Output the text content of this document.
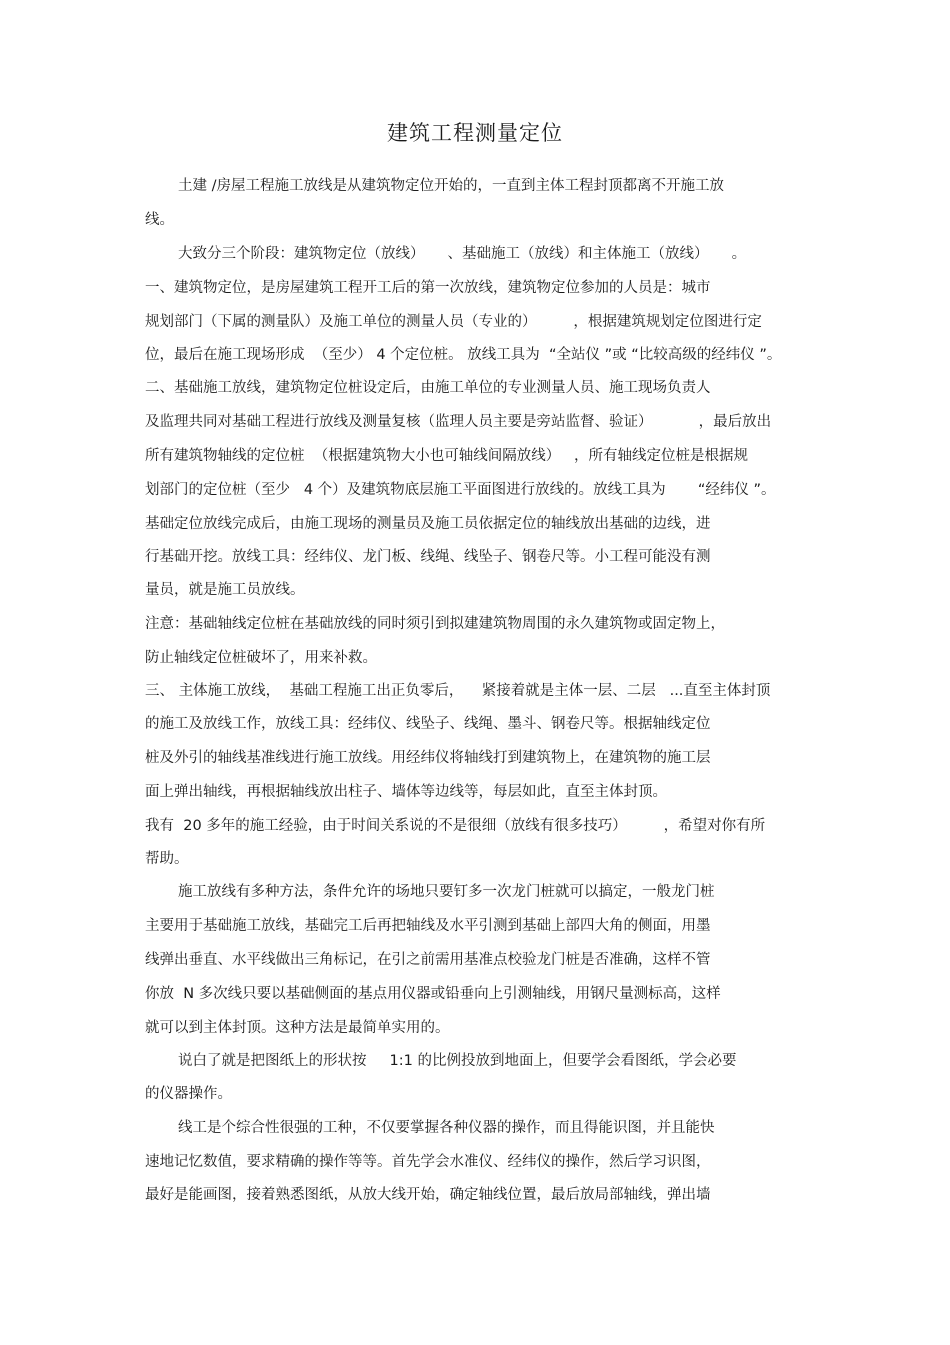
建筑工程测量定位
土建 /房屋工程施工放线是从建筑物定位开始的，一直到主体工程封顶都离不开施工放
线。
大致分三个阶段：建筑物定位（放线）     、基础施工（放线）和主体施工（放线）     。
一、建筑物定位，是房屋建筑工程开工后的第一次放线，建筑物定位参加的人员是：城市
规划部门（下属的测量队）及施工单位的测量人员（专业的）        ，根据建筑规划定位图进行定
位，最后在施工现场形成  （至少） 4 个定位桩。 放线工具为  “全站仪 ”或 “比较高级的经纬仪 ”。
二、基础施工放线，建筑物定位桩设定后，由施工单位的专业测量人员、施工现场负责人
及监理共同对基础工程进行放线及测量复核（监理人员主要是旁站监督、验证）          ，最后放出
所有建筑物轴线的定位桩  （根据建筑物大小也可轴线间隔放线）   ，所有轴线定位桩是根据规
划部门的定位桩（至少   4 个）及建筑物底层施工平面图进行放线的。放线工具为       “经纬仪 ”。
基础定位放线完成后，由施工现场的测量员及施工员依据定位的轴线放出基础的边线，进
行基础开挖。放线工具：经纬仪、龙门板、线绳、线坠子、钢卷尺等。小工程可能没有测
量员，就是施工员放线。
注意：基础轴线定位桩在基础放线的同时须引到拟建建筑物周围的永久建筑物或固定物上，
防止轴线定位桩破坏了，用来补救。
三、 主体施工放线，  基础工程施工出正负零后，    紧接着就是主体一层、二层   ...直至主体封顶
的施工及放线工作，放线工具：经纬仪、线坠子、线绳、墨斗、钢卷尺等。根据轴线定位
桩及外引的轴线基准线进行施工放线。用经纬仪将轴线打到建筑物上，在建筑物的施工层
面上弹出轴线，再根据轴线放出柱子、墙体等边线等，每层如此，直至主体封顶。
我有  20 多年的施工经验，由于时间关系说的不是很细（放线有很多技巧）        ，希望对你有所
帮助。
施工放线有多种方法，条件允许的场地只要钉多一次龙门桩就可以搞定，一般龙门桩
主要用于基础施工放线，基础完工后再把轴线及水平引测到基础上部四大角的侧面，用墨
线弹出垂直、水平线做出三角标记，在引之前需用基准点校验龙门桩是否准确，这样不管
你放  N 多次线只要以基础侧面的基点用仪器或铅垂向上引测轴线，用钢尺量测标高，这样
就可以到主体封顶。这种方法是最简单实用的。
说白了就是把图纸上的形状按     1:1 的比例投放到地面上，但要学会看图纸，学会必要
的仪器操作。
线工是个综合性很强的工种，不仅要掌握各种仪器的操作，而且得能识图，并且能快
速地记忆数值，要求精确的操作等等。首先学会水准仪、经纬仪的操作，然后学习识图，
最好是能画图，接着熟悉图纸，从放大线开始，确定轴线位置，最后放局部轴线，弹出墙
